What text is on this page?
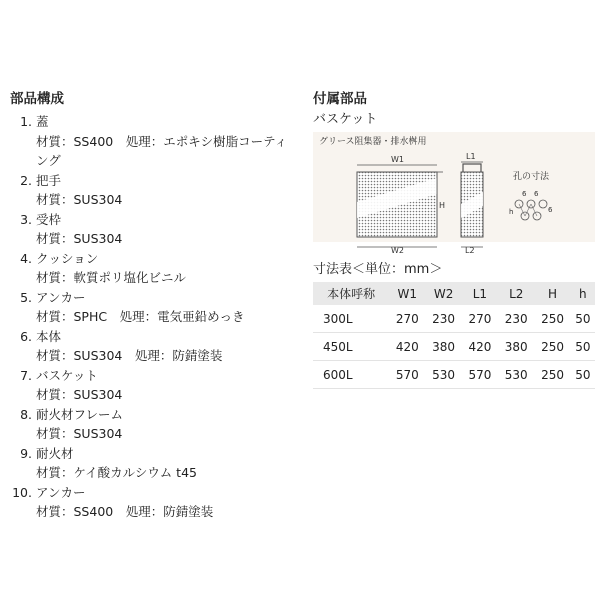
部品構成
1. 蓋
材質：SS400　処理：エポキシ樹脂コーティング
2. 把手
材質：SUS304
3. 受枠
材質：SUS304
4. クッション
材質：軟質ポリ塩化ビニル
5. アンカー
材質：SPHC　処理：電気亜鉛めっき
6. 本体
材質：SUS304　処理：防錆塗装
7. バスケット
材質：SUS304
8. 耐火材フレーム
材質：SUS304
9. 耐火材
材質：ケイ酸カルシウム t45
10. アンカー
材質：SS400　処理：防錆塗装
付属部品
バスケット
グリース阻集器・排水桝用
W1
H
L1
孔の寸法
6 6
6
h
W2	L2
寸法表＜単位：mm＞
本体呼称	W1	W2	L1	L2	H	h
300L	270	230	270	230	250	50
450L	420	380	420	380	250	50
600L	570	530	570	530	250	50
